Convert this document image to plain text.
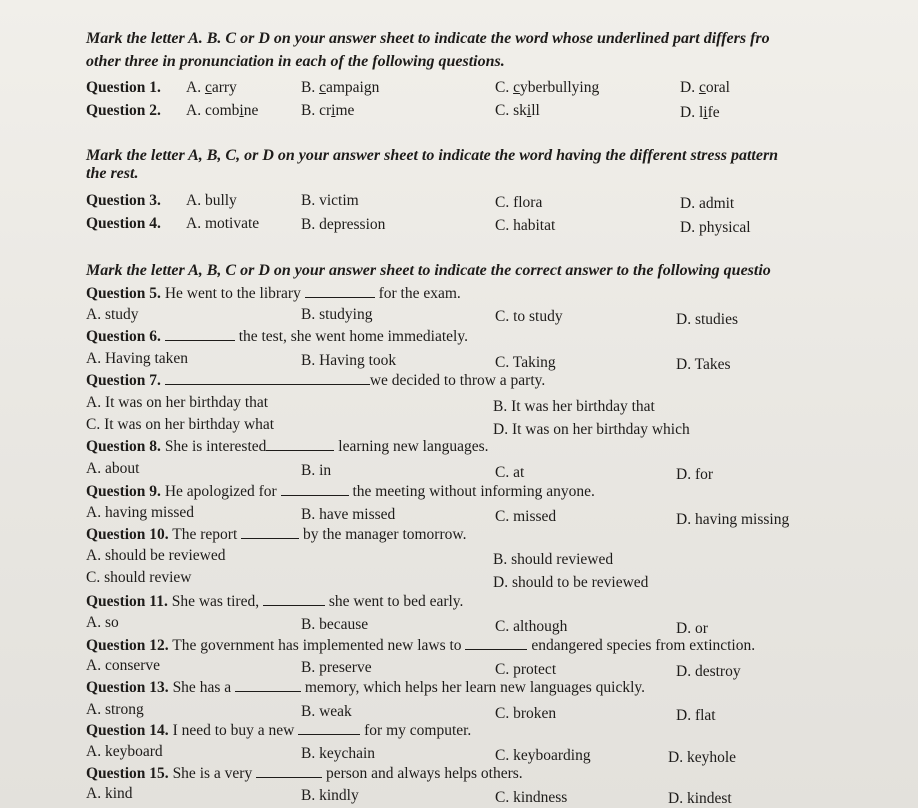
Mark the letter A. B. C or D on your answer sheet to indicate the word whose underlined part differs fro
other three in pronunciation in each of the following questions.
Question 1. A. carry	B. campaign	C. cyberbullying	D. coral
Question 2. A. combine	B. crime	C. skill	D. life
Mark the letter A, B, C, or D on your answer sheet to indicate the word having the different stress pattern
the rest.
Question 3. A. bully	B. victim	C. flora	D. admit
Question 4. A. motivate	B. depression	C. habitat	D. physical
Mark the letter A, B, C or D on your answer sheet to indicate the correct answer to the following questio
Question 5. He went to the library	for the exam.
A. study	B. studying	C. to study	D. studies
Question 6.	the test, she went home immediately.
A. Having taken	B. Having took	C. Taking	D. Takes
Question 7.	we decided to throw a party.
A. It was on her birthday that	B. It was her birthday that
C. It was on her birthday what	D. It was on her birthday which
Question 8. She is interested	learning new languages.
A. about	B. in	C. at	D. for
Question 9. He apologized for	the meeting without informing anyone.
A. having missed	B. have missed	C. missed	D. having missing
Question 10. The report	by the manager tomorrow.
A. should be reviewed	B. should reviewed
C. should review	D. should to be reviewed
Question 11. She was tired,	she went to bed early.
A. so	B. because	C. although	D. or
Question 12. The government has implemented new laws to	endangered species from extinction.
A. conserve	B. preserve	C. protect	D. destroy
Question 13. She has a	memory, which helps her learn new languages quickly.
A. strong	B. weak	C. broken	D. flat
Question 14. I need to buy a new	for my computer.
A. keyboard	B. keychain	C. keyboarding	D. keyhole
Question 15. She is a very	person and always helps others.
A. kind	B. kindly	C. kindness	D. kindest
